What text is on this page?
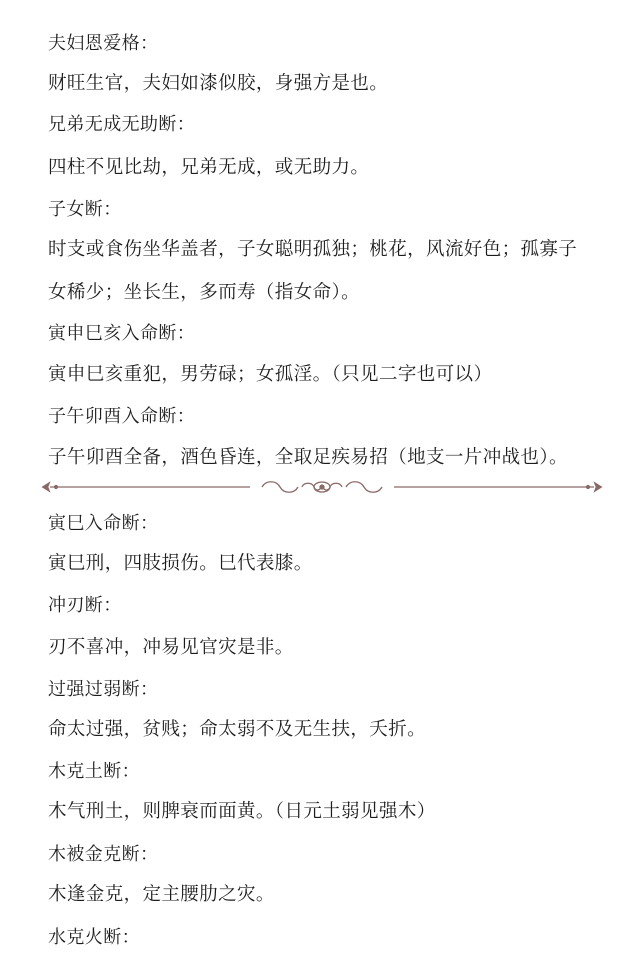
夫妇恩爱格：
财旺生官，夫妇如漆似胶，身强方是也。
兄弟无成无助断：
四柱不见比劫，兄弟无成，或无助力。
子女断：
时支或食伤坐华盖者，子女聪明孤独；桃花，风流好色；孤寡子
女稀少；坐长生，多而寿（指女命）。
寅申巳亥入命断：
寅申巳亥重犯，男劳碌；女孤淫。（只见二字也可以）
子午卯酉入命断：
子午卯酉全备，酒色昏连，全取足疾易招（地支一片冲战也）。
寅巳入命断：
寅巳刑，四肢损伤。巳代表膝。
冲刃断：
刃不喜冲，冲易见官灾是非。
过强过弱断：
命太过强，贫贱；命太弱不及无生扶，夭折。
木克土断：
木气刑土，则脾衰而面黄。（日元土弱见强木）
木被金克断：
木逢金克，定主腰肋之灾。
水克火断：
